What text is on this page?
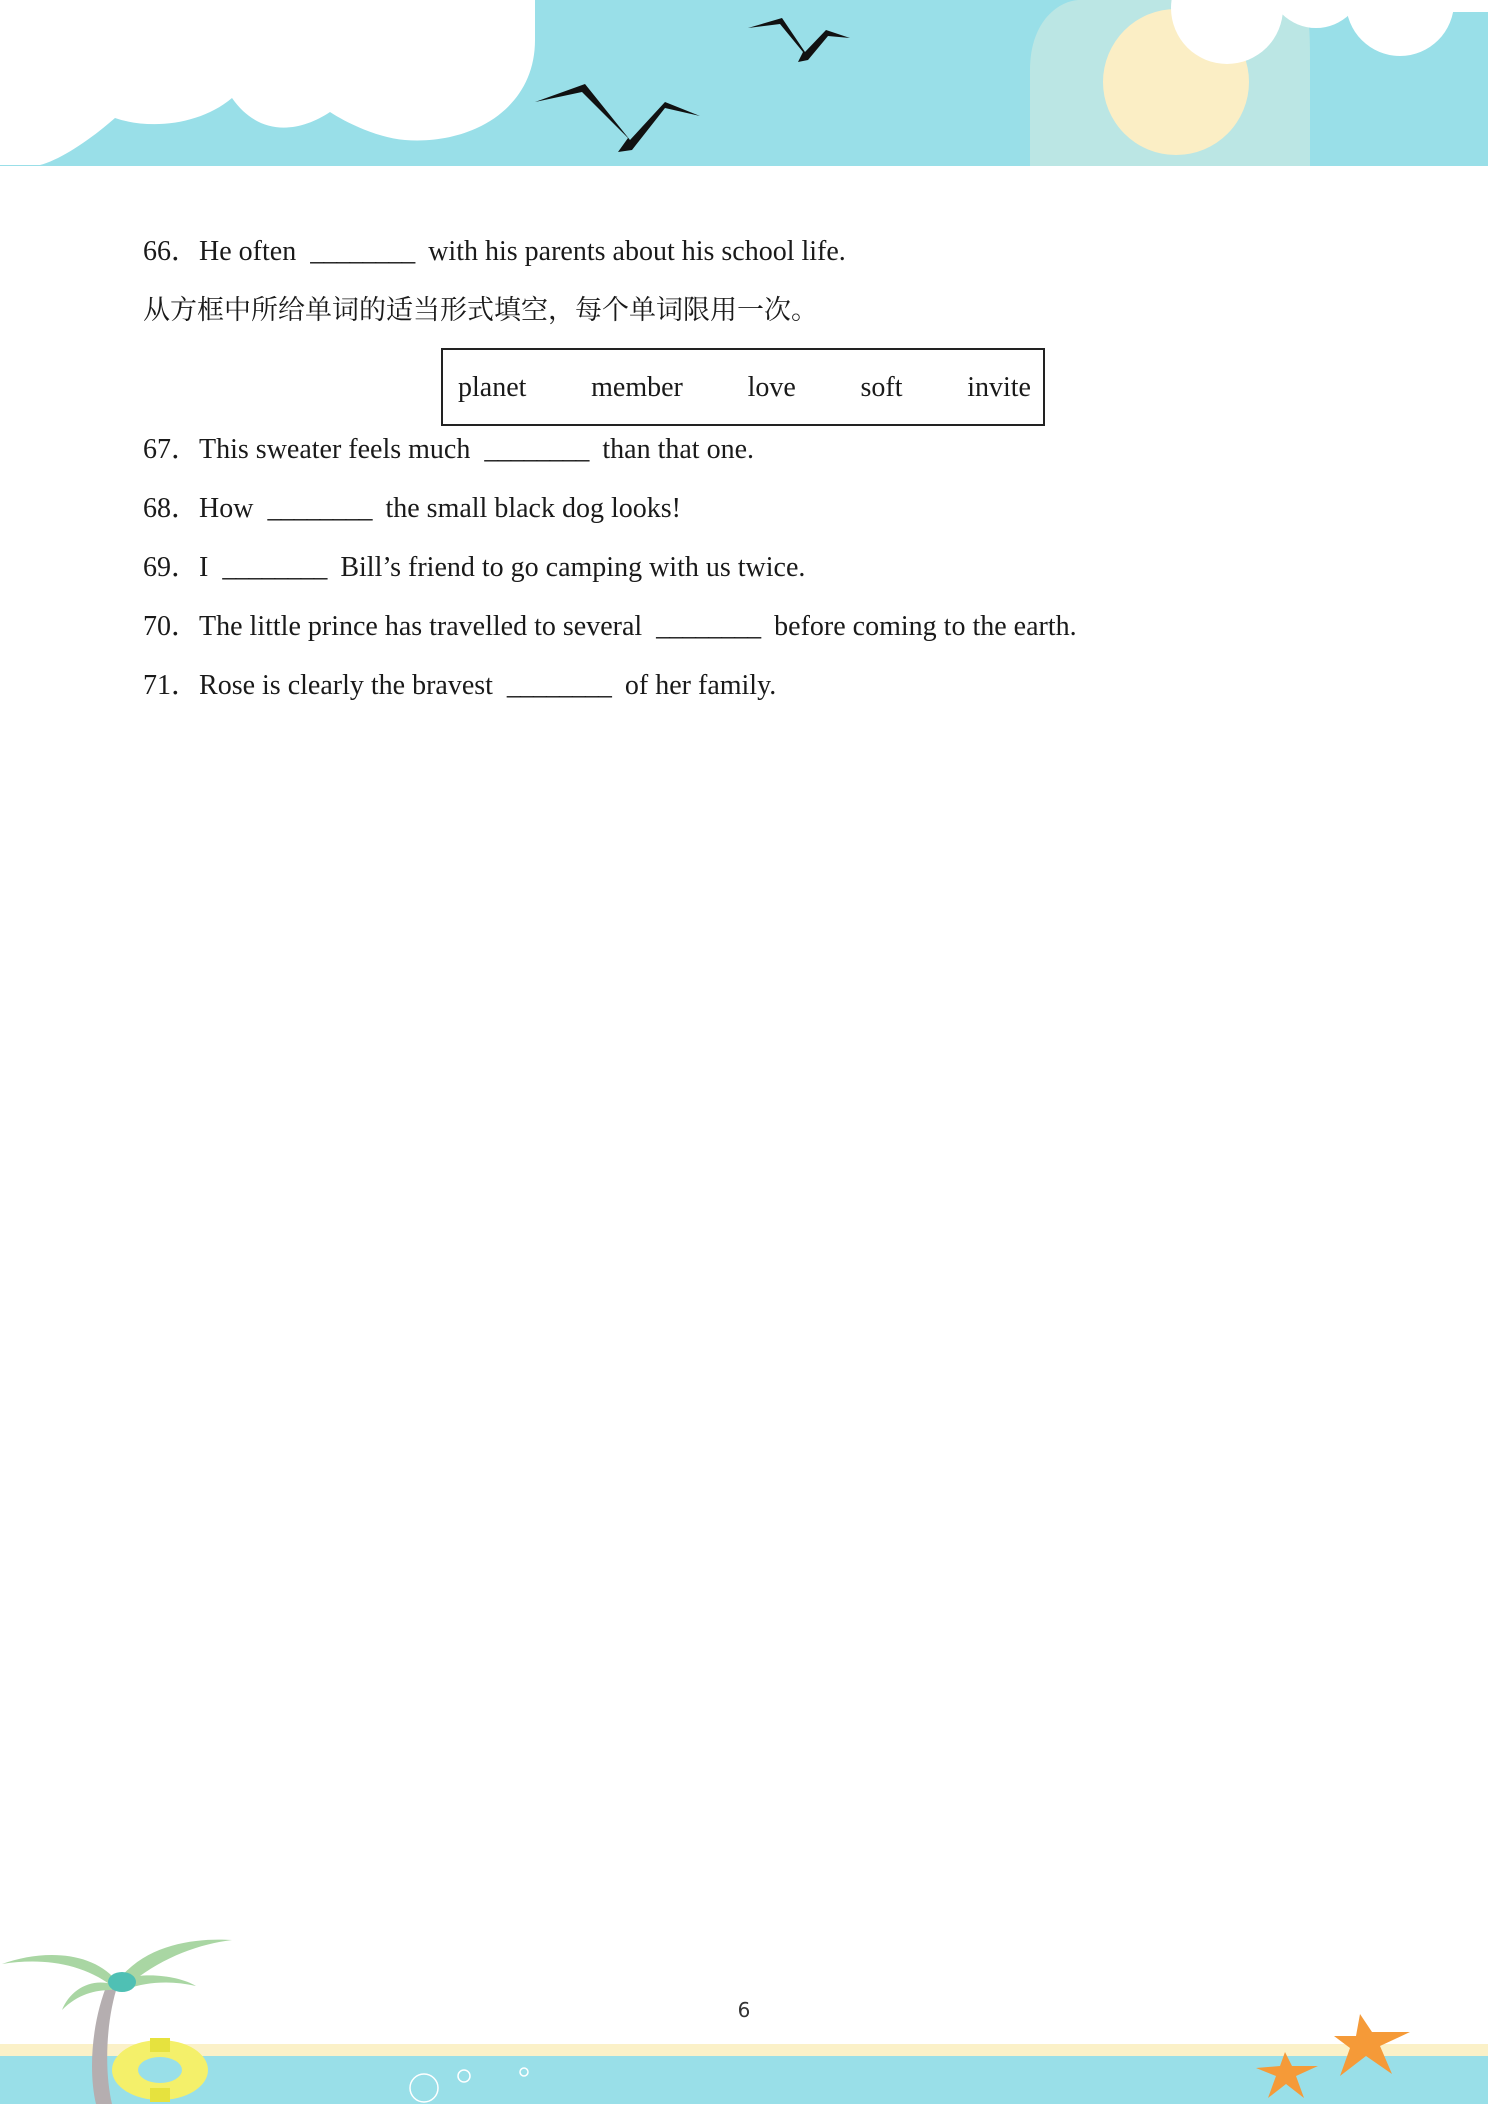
66．He often ________ with his parents about his school life.
从方框中所给单词的适当形式填空，每个单词限用一次。
planet member love soft invite
67．This sweater feels much ________ than that one.
68．How ________ the small black dog looks!
69．I ________ Bill’s friend to go camping with us twice.
70．The little prince has travelled to several ________ before coming to the earth.
71．Rose is clearly the bravest ________ of her family.
6
